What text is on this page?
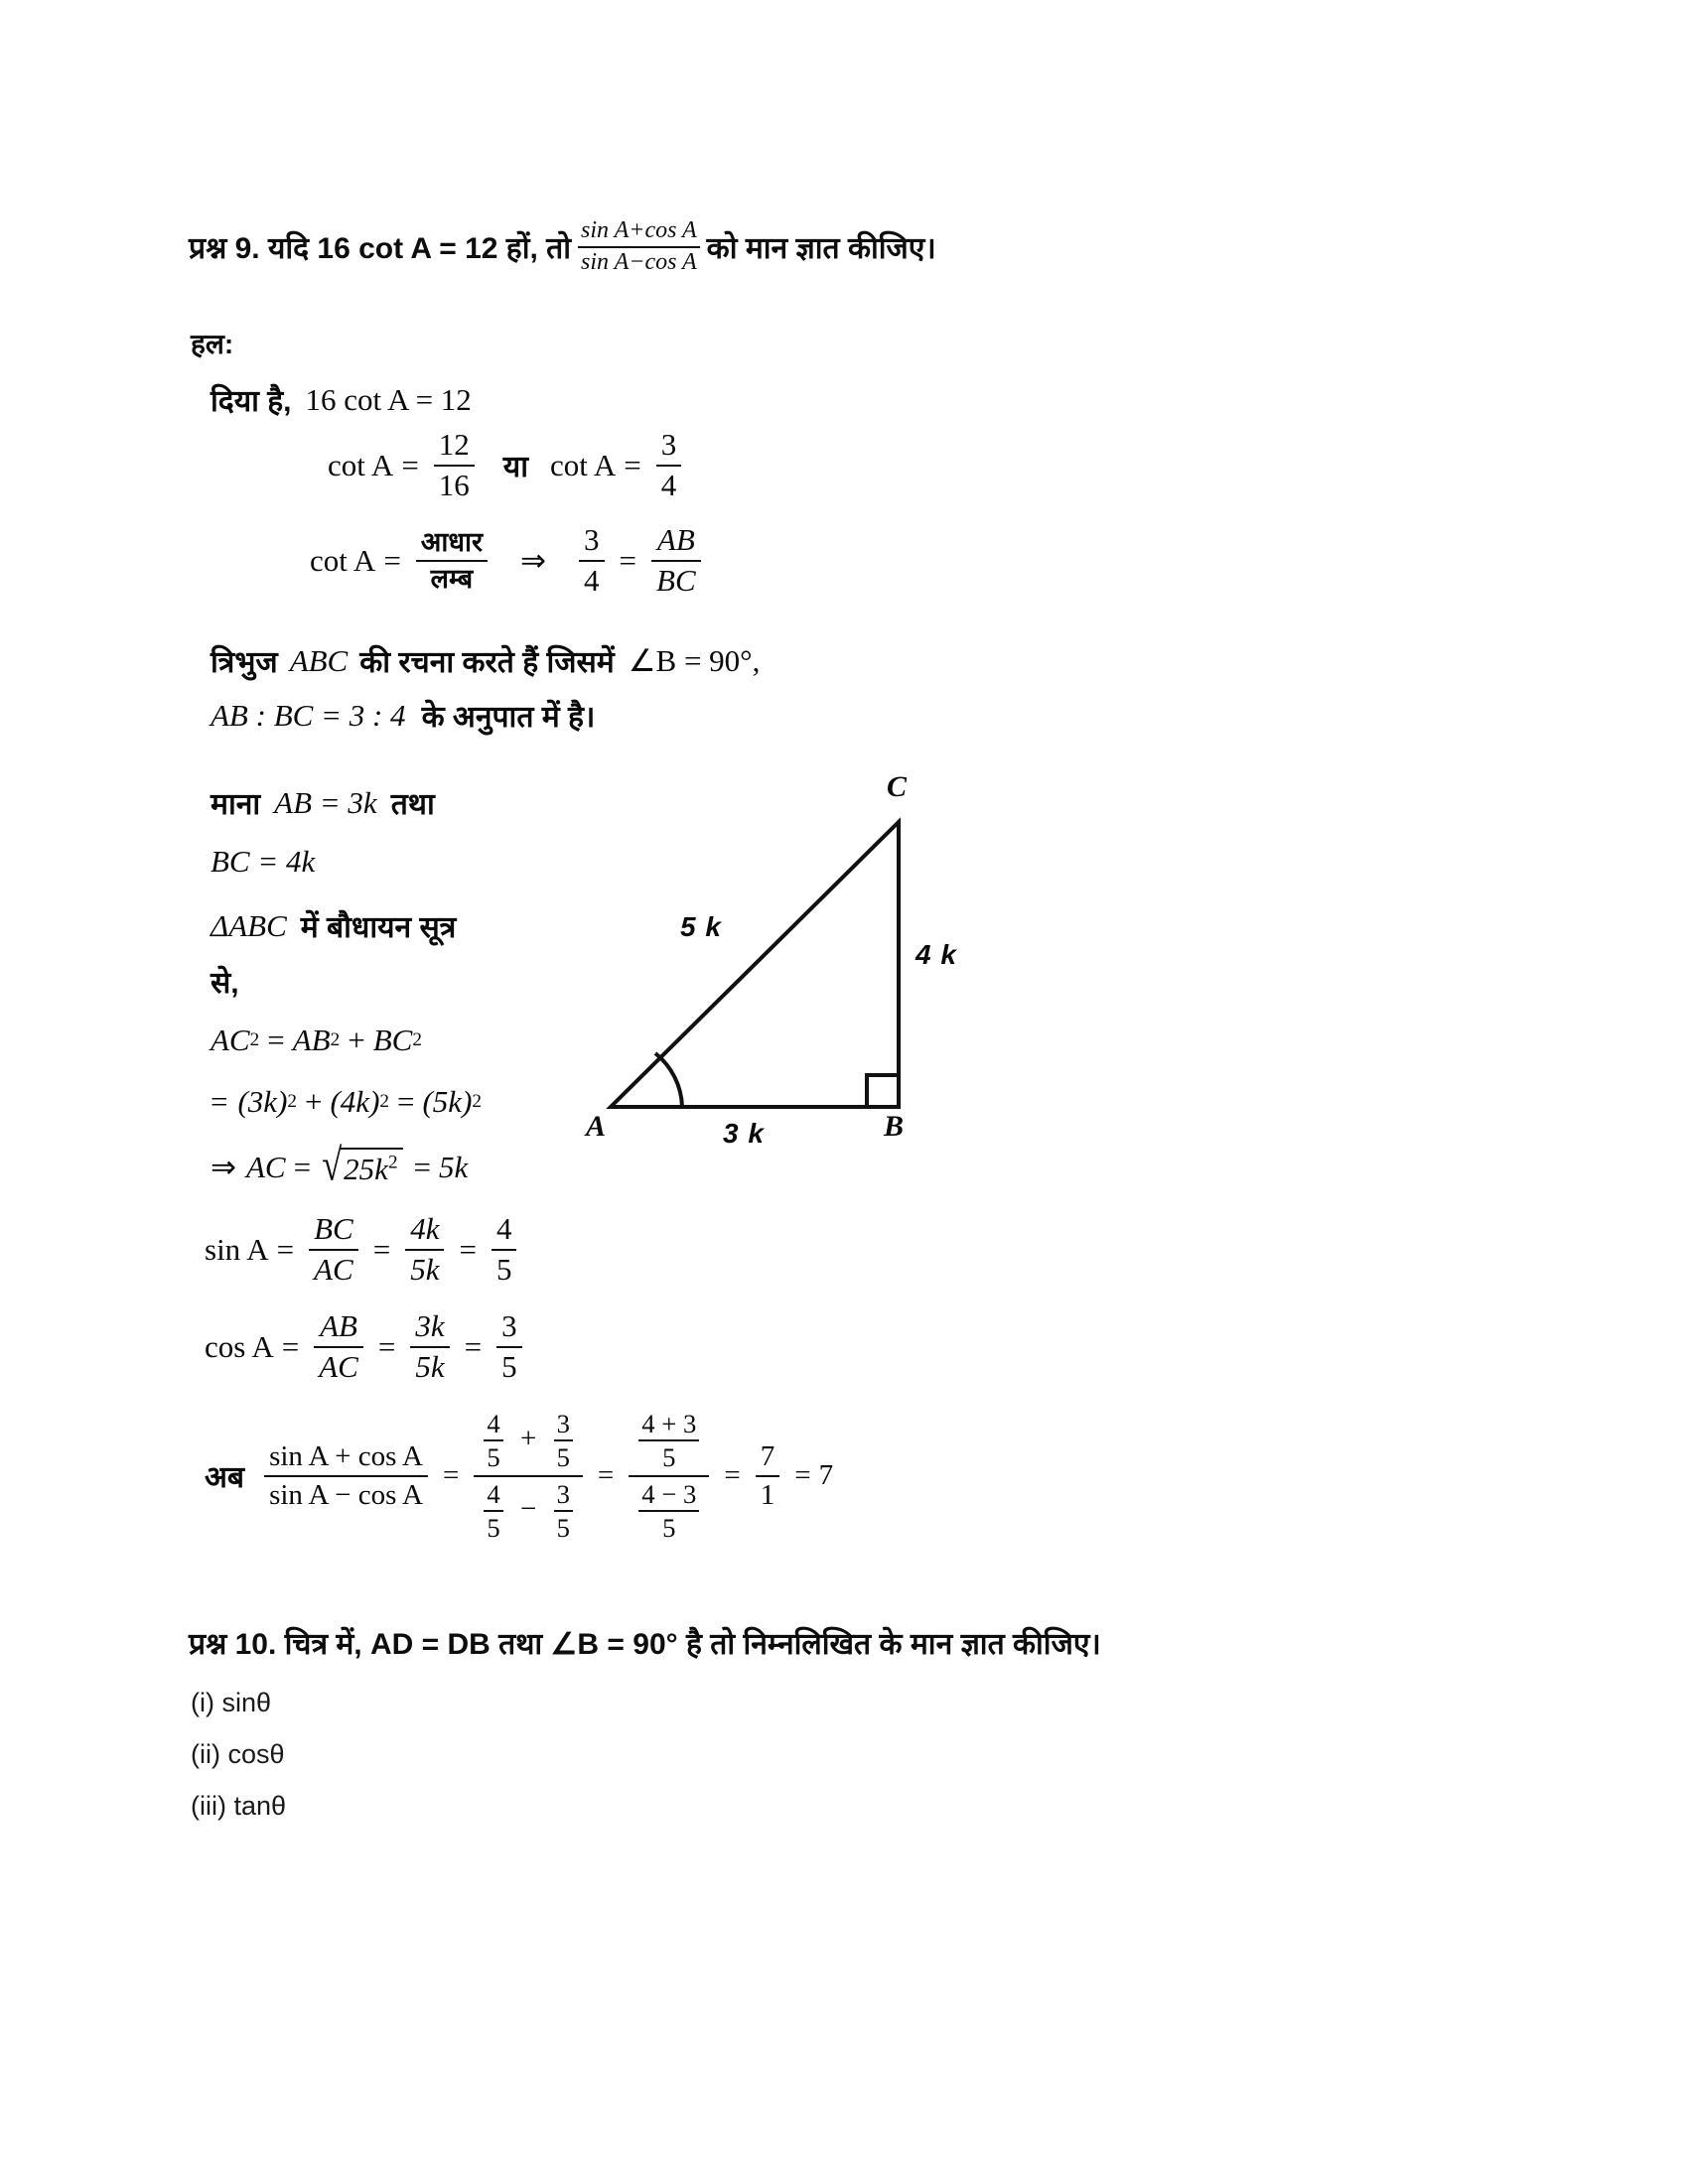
प्रश्न 9. यदि 16 cot A = 12 हों, तो $\frac{\text{sin A+cos A}}{\text{sin A−cos A}}$ को मान ज्ञात कीजिए।
हल:
दिया है, 16 cot A = 12
$\cot A = \frac{12}{16}$ या $\cot A = \frac{3}{4}$
$\cot A = \frac{\text{आधार}}{\text{लम्ब}}$ ⇒ $\frac{3}{4} = \frac{AB}{BC}$
त्रिभुज ABC की रचना करते हैं जिसमें ∠B = 90°,
AB : BC = 3 : 4 के अनुपात में है।
माना AB = 3k तथा
BC = 4k
ΔABC में बौधायन सूत्र
से,
AC 2 = AB 2 + BC 2
= (3k) 2 + (4k) 2 = (5k) 2
⇒ AC = √ $25k^2 = 5k$
$\sin A = \frac{BC}{AC} = \frac{4k}{5k} = \frac{4}{5}$
$\cos A = \frac{AB}{AC} = \frac{3k}{5k} = \frac{3}{5}$
अब $\frac{\text{sin A + cos A}}{\text{sin A − cos A}}$ =
$\frac{4}{5} + \frac{3}{5}$
$\frac{4}{5} - \frac{3}{5}$
= $\frac{\frac{4 + 3}{5}}{\frac{4 - 3}{5}} = \frac{7}{1} = 7$
A	B
C
5 k
4 k
3 k
प्रश्न 10. चित्र में, AD = DB तथा ∠B = 90° है तो निम्नलिखित के मान ज्ञात कीजिए।
(i) sinθ
(ii) cosθ
(iii) tanθ
